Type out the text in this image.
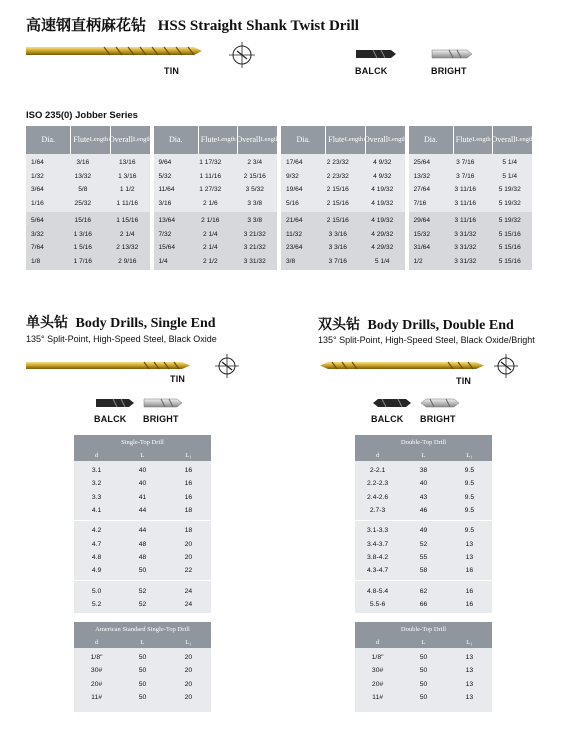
高速钢直柄麻花钻 HSS Straight Shank Twist Drill
TIN	BALCK	BRIGHT
ISO 235(0) Jobber Series
Dia.	Flute Length Overall Length
1/64	3/16	13/16
1/32	13/32	1 3/16
3/64	5/8	1 1/2
1/16	25/32	1 11/16
5/64	15/16	1 15/16
3/32	1 3/16	2 1/4
7/64	1 5/16	2 13/32
1/8	1 7/16	2 9/16
Dia.	Flute Length Overall Length
9/64	1 17/32	2 3/4
5/32	1 11/16	2 15/16
11/64	1 27/32	3 5/32
3/16	2 1/6	3 3/8
13/64	2 1/16	3 3/8
7/32	2 1/4	3 21/32
15/64	2 1/4	3 21/32
1/4	2 1/2	3 31/32
Dia.	Flute Length Overall Length
17/64	2 23/32	4 9/32
9/32	2 23/32	4 9/32
19/64	2 15/16	4 19/32
5/16	2 15/16	4 19/32
21/64	2 15/16	4 19/32
11/32	3 3/16	4 29/32
23/64	3 3/16	4 29/32
3/8	3 7/16	5 1/4
Dia.	Flute Length Overall Length
25/64	3 7/16	5 1/4
13/32	3 7/16	5 1/4
27/64	3 11/16	5 19/32
7/16	3 11/16	5 19/32
29/64	3 11/16	5 19/32
15/32	3 31/32	5 15/16
31/64	3 31/32	5 15/16
1/2	3 31/32	5 15/16
单头钻 Body Drills, Single End
135° Split-Point, High-Speed Steel, Black Oxide
TIN
BALCK BRIGHT
Single-Top Drill
d	L	L₁
3.1	40	16
3.2	40	16
3.3	41	16
4.1	44	18
4.2	44	18
4.7	48	20
4.8	48	20
4.9	50	22
5.0	52	24
5.2	52	24
American Standard Single-Top Drill
d	L	L₁
1/8"	50	20
30#	50	20
20#	50	20
11#	50	20
双头钻 Body Drills, Double End
135° Split-Point, High-Speed Steel, Black Oxide/Bright
TIN
BALCK BRIGHT
Double-Top Drill
d	L	L₁
2-2.1	38	9.5
2.2-2.3	40	9.5
2.4-2.6	43	9.5
2.7-3	46	9.5
3.1-3.3	49	9.5
3.4-3.7	52	13
3.8-4.2	55	13
4.3-4.7	58	16
4.8-5.4	62	16
5.5-6	66	16
Double-Top Drill
d	L	L₁
1/8"	50	13
30#	50	13
20#	50	13
11#	50	13
